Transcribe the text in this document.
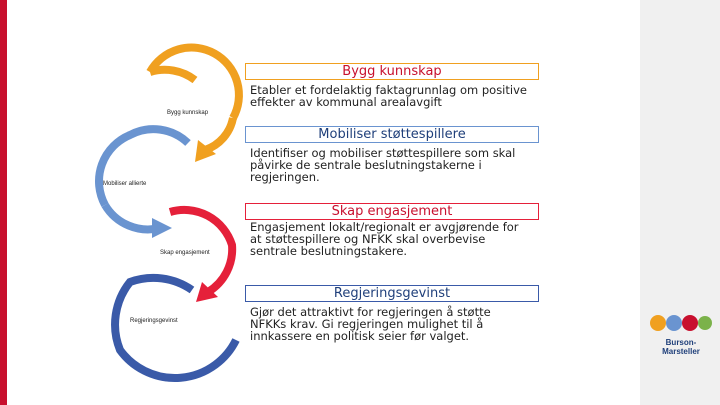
Bygg kunnskap
Mobiliser allierte
Skap engasjement
Regjeringsgevinst
Bygg kunnskap
Etabler et fordelaktig faktagrunnlag om positive effekter av kommunal arealavgift
Mobiliser støttespillere
Identifiser og mobiliser støttespillere som skal påvirke de sentrale beslutningstakerne i regjeringen.
Skap engasjement
Engasjement lokalt/regionalt er avgjørende for at støttespillere og NFKK skal overbevise sentrale beslutningstakere.
Regjeringsgevinst
Gjør det attraktivt for regjeringen å støtte NFKKs krav. Gi regjeringen mulighet til å innkassere en politisk seier før valget.	Burson-Marsteller
